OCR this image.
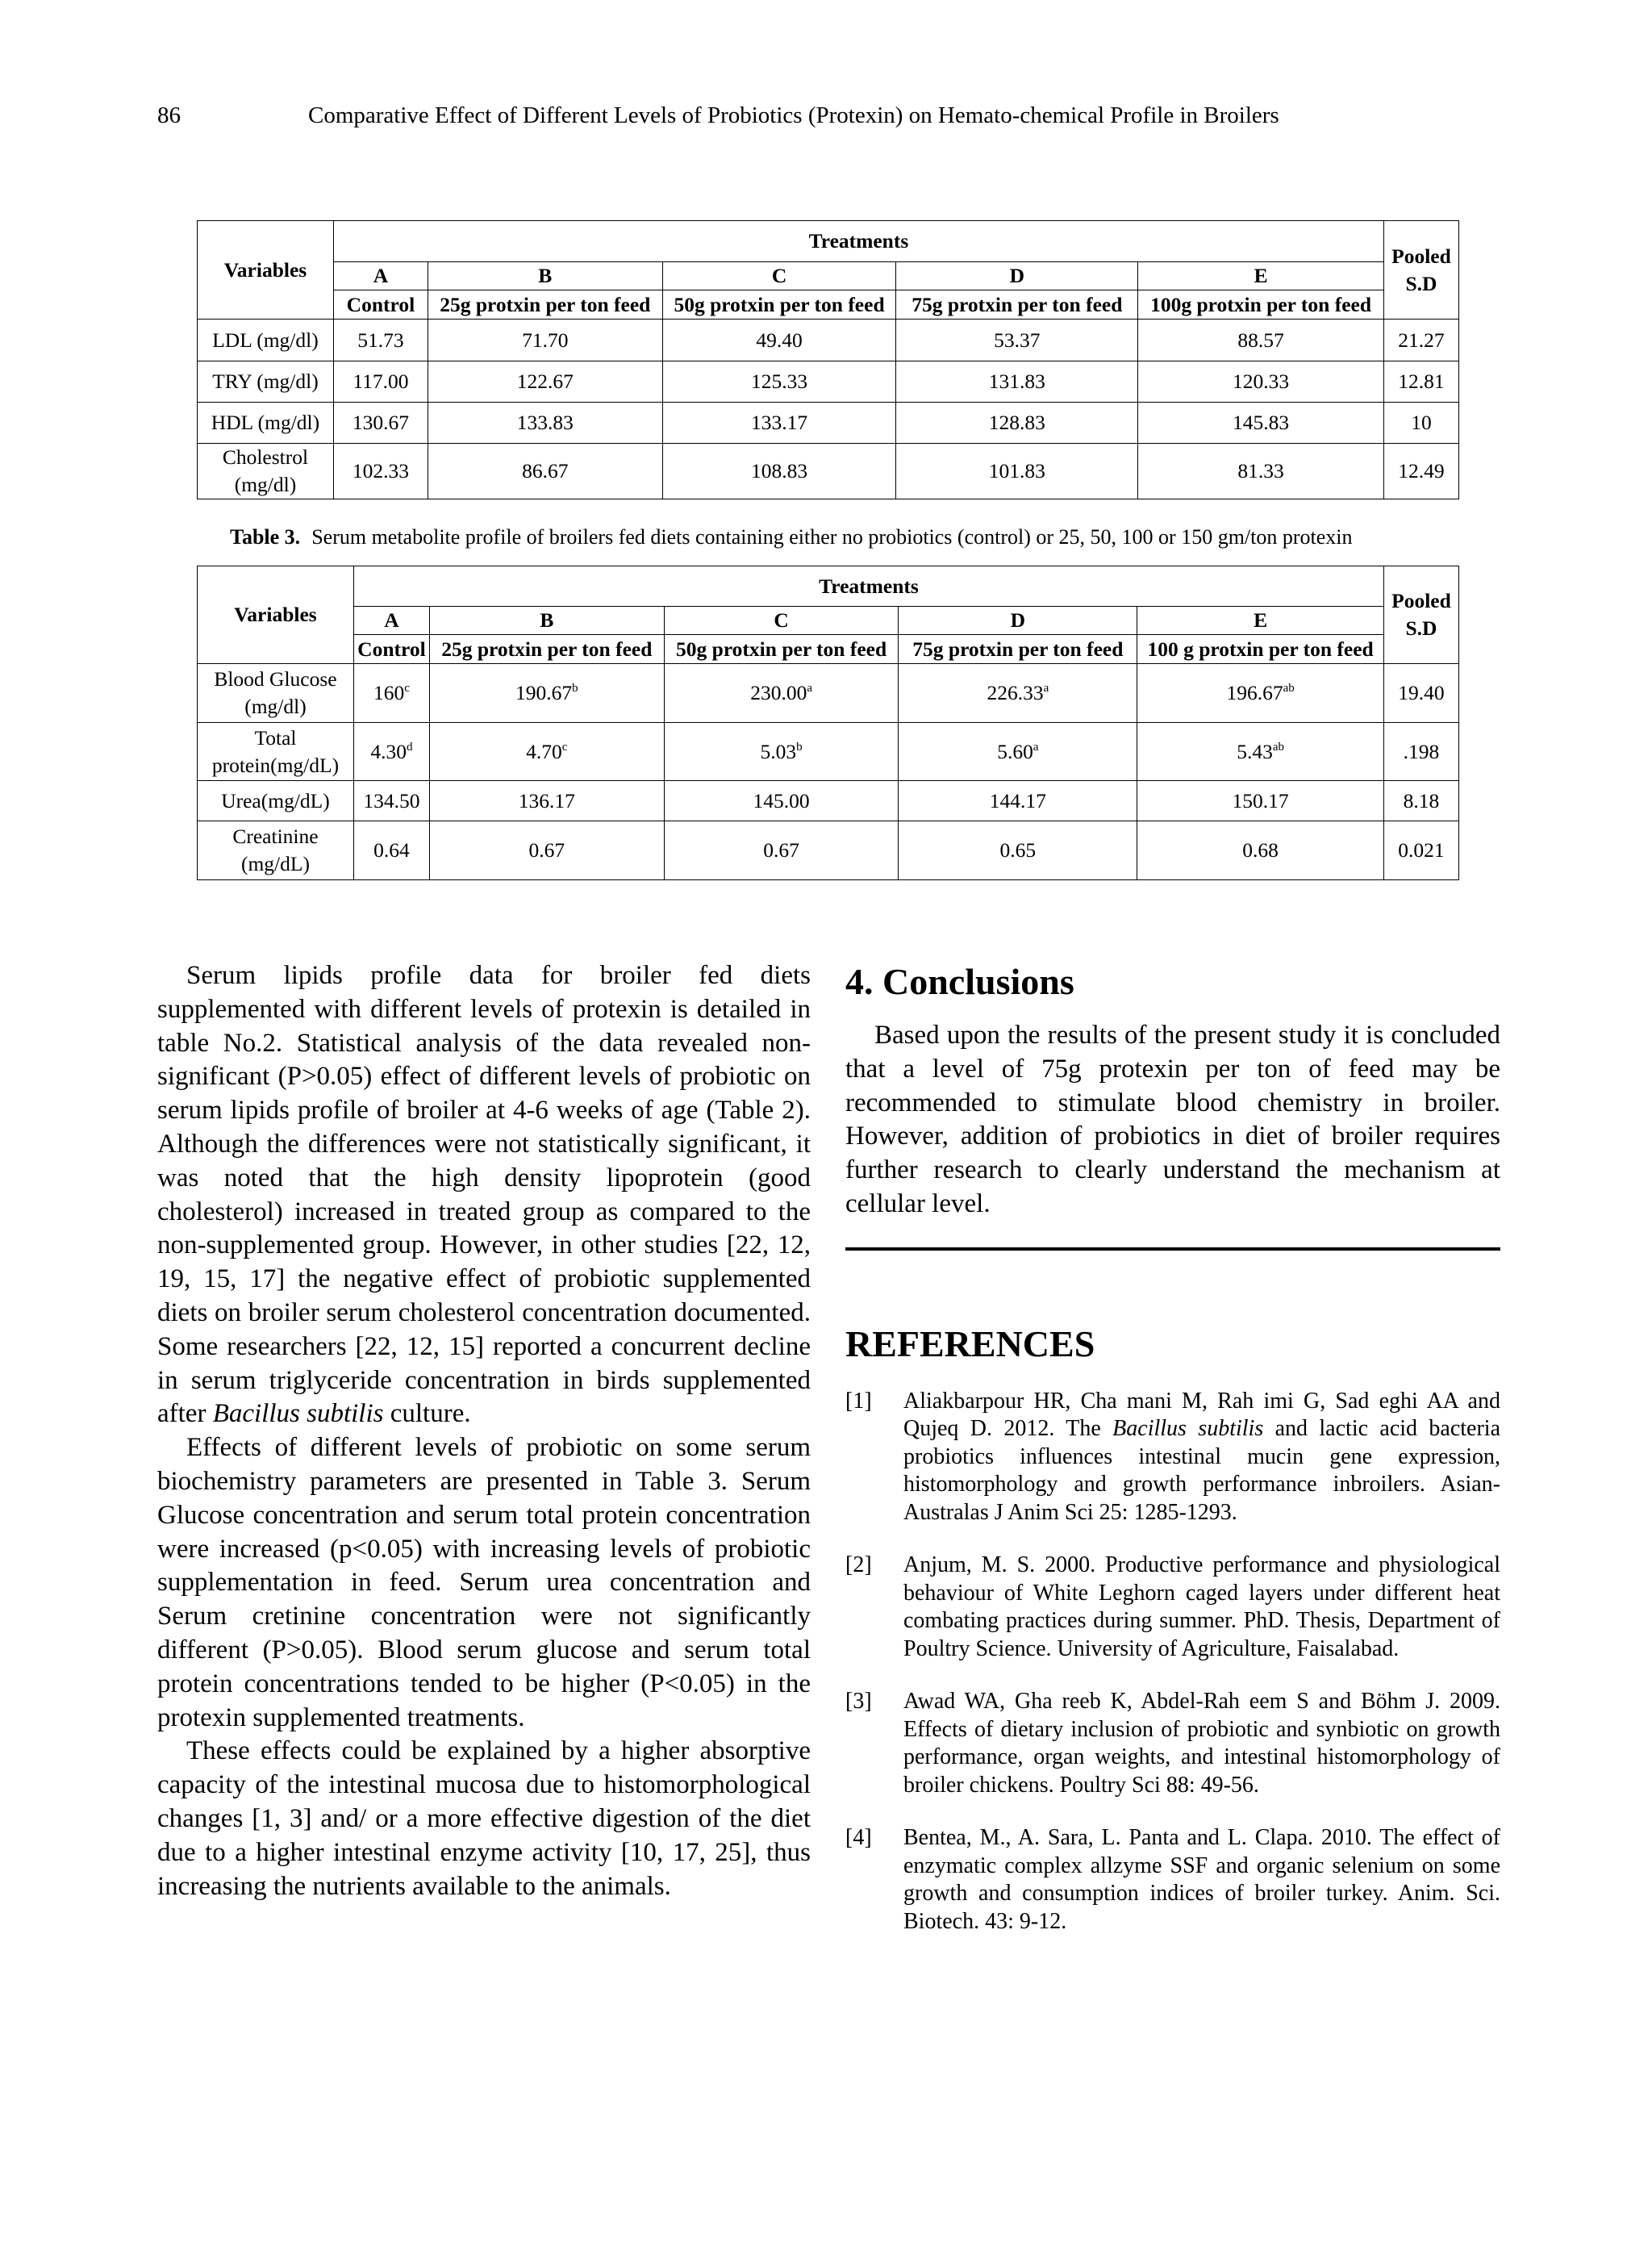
86	Comparative Effect of Different Levels of Probiotics (Protexin) on Hemato-chemical Profile in Broilers
Variables	Treatments					Pooled S.D
	A	B	C	D	E	
	Control	25g protxin per ton feed	50g protxin per ton feed	75g protxin per ton feed	100g protxin per ton feed	
LDL (mg/dl)	51.73	71.70	49.40	53.37	88.57	21.27
TRY (mg/dl)	117.00	122.67	125.33	131.83	120.33	12.81
HDL (mg/dl)	130.67	133.83	133.17	128.83	145.83	10
Cholestrol (mg/dl)	102.33	86.67	108.83	101.83	81.33	12.49
Table 3. Serum metabolite profile of broilers fed diets containing either no probiotics (control) or 25, 50, 100 or 150 gm/ton protexin
Variables	Treatments					Pooled S.D
	A	B	C	D	E	
	Control	25g protxin per ton feed	50g protxin per ton feed	75g protxin per ton feed	100 g protxin per ton feed	
Blood Glucose (mg/dl)	160$^c$	190.67$^b$	230.00$^a$	226.33$^a$	196.67$^{ab}$	19.40
Total protein(mg/dL)	4.30$^d$	4.70$^c$	5.03$^b$	5.60$^a$	5.43$^{ab}$	.198
Urea(mg/dL)	134.50	136.17	145.00	144.17	150.17	8.18
Creatinine (mg/dL)	0.64	0.67	0.67	0.65	0.68	0.021

Serum lipids profile data for broiler fed diets supplemented with different levels of protexin is detailed in table No.2. Statistical analysis of the data revealed non-significant (P>0.05) effect of different levels of probiotic on serum lipids profile of broiler at 4-6 weeks of age (Table 2). Although the differences were not statistically significant, it was noted that the high density lipoprotein (good cholesterol) increased in treated group as compared to the non-supplemented group. However, in other studies [22, 12, 19, 15, 17] the negative effect of probiotic supplemented diets on broiler serum cholesterol concentration documented. Some researchers [22, 12, 15] reported a concurrent decline in serum triglyceride concentration in birds supplemented after Bacillus subtilis culture.

Effects of different levels of probiotic on some serum biochemistry parameters are presented in Table 3. Serum Glucose concentration and serum total protein concentration were increased (p<0.05) with increasing levels of probiotic supplementation in feed. Serum urea concentration and Serum cretinine concentration were not significantly different (P>0.05). Blood serum glucose and serum total protein concentrations tended to be higher (P<0.05) in the protexin supplemented treatments.

These effects could be explained by a higher absorptive capacity of the intestinal mucosa due to histomorphological changes [1, 3] and/ or a more effective digestion of the diet due to a higher intestinal enzyme activity [10, 17, 25], thus increasing the nutrients available to the animals.

4. Conclusions

Based upon the results of the present study it is concluded that a level of 75g protexin per ton of feed may be recommended to stimulate blood chemistry in broiler. However, addition of probiotics in diet of broiler requires further research to clearly understand the mechanism at cellular level.

REFERENCES
[1]	Aliakbarpour HR, Cha mani M, Rah imi G, Sad eghi AA and Qujeq D. 2012. The Bacillus subtilis and lactic acid bacteria probiotics influences intestinal mucin gene expression, histomorphology and growth performance inbroilers. Asian-Australas J Anim Sci 25: 1285-1293.
[2]	Anjum, M. S. 2000. Productive performance and physiological behaviour of White Leghorn caged layers under different heat combating practices during summer. PhD. Thesis, Department of Poultry Science. University of Agriculture, Faisalabad.
[3]	Awad WA, Gha reeb K, Abdel-Rah eem S and Böhm J. 2009. Effects of dietary inclusion of probiotic and synbiotic on growth performance, organ weights, and intestinal histomorphology of broiler chickens. Poultry Sci 88: 49-56.
[4]	Bentea, M., A. Sara, L. Panta and L. Clapa. 2010. The effect of enzymatic complex allzyme SSF and organic selenium on some growth and consumption indices of broiler turkey. Anim. Sci. Biotech. 43: 9-12.
